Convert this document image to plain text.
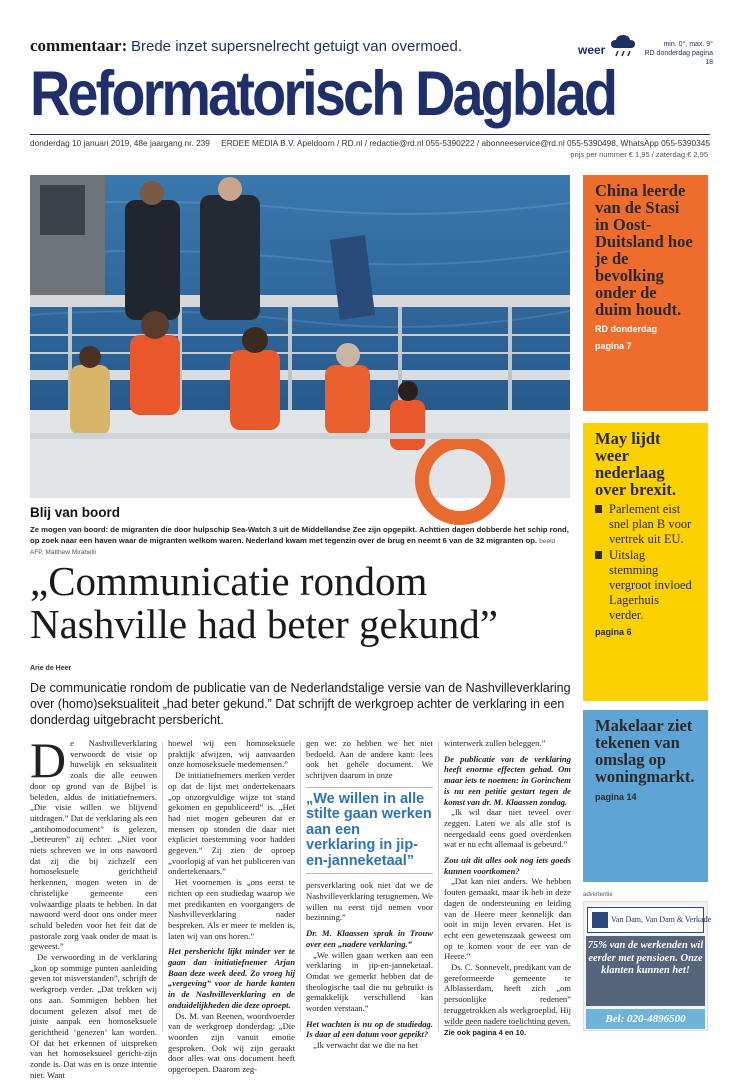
commentaar: Brede inzet supersnelrecht getuigt van overmoed.	weer	min. 0°, max. 9°
RD donderdag pagina 18
Reformatorisch Dagblad
donderdag 10 januari 2019, 48e jaargang nr. 239 ERDEE MEDIA B.V. Apeldoorn / RD.nl / redactie@rd.nl 055-5390222 / abonneeservice@rd.nl 055-5390498, WhatsApp 055-5390345
prijs per nummer € 1,95 / zaterdag € 2,95
Blij van boord
Ze mogen van boord: de migranten die door hulpschip Sea-Watch 3 uit de Middellandse Zee zijn opgepikt. Achttien dagen dobberde het schip rond, op zoek naar een haven waar de migranten welkom waren. Nederland kwam met tegenzin over de brug en neemt 6 van de 32 migranten op. beeld AFP, Matthew Mirabelli
„Communicatie rondom Nashville had beter gekund”
Arie de Heer
De communicatie rondom de publicatie van de Nederlandstalige versie van de Nashvilleverklaring over (homo)seksualiteit „had beter gekund.” Dat schrijft de werkgroep achter de verklaring in een donderdag uitgebracht persbericht.

De Nashvilleverklaring verwoordt de visie op huwelijk en seksualiteit zoals die alle eeuwen door op grond van de Bijbel is beleden, aldus de initiatiefnemers. „Die visie willen we blijvend uitdragen.” Dat de verklaring als een „antihomodocument” is gelezen, „betreuren” zij echter. „Niet voor niets schreven we in ons nawoord dat zij die bij zichzelf een homoseksuele gerichtheid herkennen, mogen weten in de christelijke gemeente een volwaardige plaats te hebben. In dat nawoord werd door ons onder meer schuld beleden voor het feit dat de pastorale zorg vaak onder de maat is geweest.”

De verwoording in de verklaring „kon op sommige punten aanleiding geven tot misverstanden”, schrijft de werkgroep verder. „Dat trekken wij ons aan. Sommigen hebben het document gelezen alsof met de juiste aanpak een homoseksuele gerichtheid ‘genezen’ kan worden. Of dat het erkennen of uitspreken van het homoseksueel gericht-zijn zonde is. Dat was en is onze intentie niet. Want

hoewel wij een homoseksuele praktijk afwijzen, wij aanvaarden onze homoseksuele medemensen.”

De initiatiefnemers merken verder op dat de lijst met ondertekenaars „op onzorgvuldige wijze tot stand gekomen en gepubliceerd” is. „Het had niet mogen gebeuren dat er mensen op stonden die daar niet expliciet toestemming voor hadden gegeven.” Zij zien de oproep „voorlopig af van het publiceren van ondertekenaars.”

Het voornemen is „ons eerst te richten op een studiedag waarop we met predikanten en voorgangers de Nashvilleverklaring nader bespreken. Als er meer te melden is, laten wij van ons horen.”

Het persbericht lijkt minder ver te gaan dan initiatiefnemer Arjan Baan deze week deed. Zo vroeg hij „vergeving” voor de harde kanten in de Nashvilleverklaring en de onduidelijkheden die deze oproept.

Ds. M. van Reenen, woordvoerder van de werkgroep donderdag: „Die woorden zijn vanuit emotie gesproken. Ook wij zijn geraakt door alles wat ons document heeft opgeroepen. Daarom zeg-

gen we: zo hebben we het niet bedoeld. Aan de andere kant: lees ook het gehéle document. We schrijven daarom in onze

„We willen in alle stilte gaan werken aan een verklaring in jip-en-janneketaal”

persverklaring ook niet dat we de Nashvilleverklaring terugnemen. We willen nu eerst tijd nemen voor bezinning.”

Dr. M. Klaassen sprak in Trouw over een „nadere verklaring.”

„We willen gaan werken aan een verklaring in jip-en-janneketaal. Omdat we gemerkt hebben dat de theologische taal die nu gebruikt is gemakkelijk verschillend kan worden verstaan.”

Het wachten is nu op de studiedag. Is daar al een datum voor geprikt?

„Ik verwacht dat we die na het

winterwerk zullen beleggen.”

De publicatie van de verklaring heeft enorme effecten gehad. Om maar iets te noemen: in Gorinchem is nu een petitie gestart tegen de komst van dr. M. Klaassen zondag.

„Ik wil daar niet teveel over zeggen. Laten we als alle stof is neergedaald eens goed overdenken wat er nu echt allemaal is gebeurd.”

Zou uit dit alles ook nog iets goeds kunnen voortkomen?

„Dat kan niet anders. We hebben fouten gemaakt, maar ik heb in deze dagen de ondersteuning en leiding van de Heere meer kennelijk dan ooit in mijn leven ervaren. Het is echt een gewetenszaak geweest om op te komen voor de eer van de Heere.”

Ds. C. Sonnevelt, predikant van de gereformeerde gemeente te Alblasserdam, heeft zich „om persoonlijke redenen” teruggetrokken als werkgroeplid. Hij wilde geen nadere toelichting geven.

Zie ook pagina 4 en 10.
China leerde van de Stasi in Oost-Duitsland hoe je de bevolking onder de duim houdt.
RD donderdag
pagina 7
May lijdt weer nederlaag over brexit.
Parlement eist snel plan B voor vertrek uit EU.
Uitslag stemming vergroot invloed Lagerhuis verder.
pagina 6
Makelaar ziet tekenen van omslag op woningmarkt.
pagina 14
advertentie
Van Dam, Van Dam & Verkade
75% van de werkenden wil eerder met pensioen. Onze klanten kunnen het!
Bel: 020-4896500
